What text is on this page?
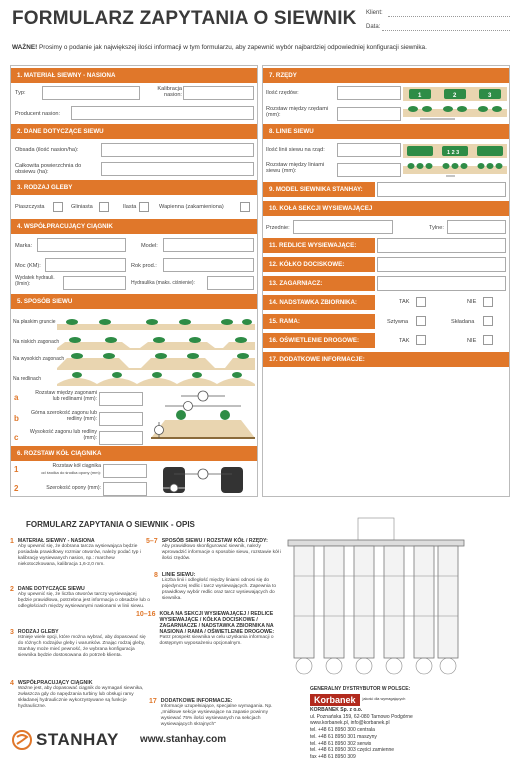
FORMULARZ ZAPYTANIA O SIEWNIK Klient:
Data:
WAŻNE! Prosimy o podanie jak największej ilości informacji w tym formularzu, aby zapewnić wybór najbardziej odpowiedniej konfiguracji siewnika.
1. MATERIAŁ SIEWNY - NASIONA
Typ:
Kalibracja nasion:
Producent nasion:
2. DANE DOTYCZĄCE SIEWU
Obsada (ilość nasion/ha):
Całkowita powierzchnia do obsiewu (ha):
3. RODZAJ GLEBY
Piaszczysta	Gliniasta	Ilasta	Wapienna (zakamieniona)
4. WSPÓŁPRACUJĄCY CIĄGNIK
Marka:	Model:
Moc (KM):	Rok prod.:
Wydatek hydrauli. (l/min):	Hydraulika (maks. ciśnienie):
5. SPOSÓB SIEWU
Na płaskim gruncie
Na niskich zagonach
Na wysokich zagonach
Na redlinach
a	Rozstaw między zagonami lub redlinami (mm):
b
Górna szerokość zagonu lub redliny (mm):
c
Wysokość zagonu lub redliny (mm):
6. ROZSTAW KÓŁ CIĄGNIKA
1	Rozstaw kół ciągnika
od środka do środka opony (mm):
2	Szerokość opony (mm):
7. RZĘDY
Ilość rzędów:
Rozstaw między rzędami (mm):
1	2	3
8. LINIE SIEWU
Ilość linii siewu na rząd:
Rozstaw między liniami siewu (mm):
1 2 3
9. MODEL SIEWNIKA STANHAY:
10. KOŁA SEKCJI WYSIEWAJĄCEJ
Przednie:	Tylne:
11. REDLICE WYSIEWAJĄCE:
12. KÓŁKO DOCISKOWE:
13. ZAGARNIACZ:
14. NADSTAWKA ZBIORNIKA:	TAK	NIE
15. RAMA:	Sztywna	Składana
16. OŚWIETLENIE DROGOWE:	TAK	NIE
17. DODATKOWE INFORMACJE:
FORMULARZ ZAPYTANIA O SIEWNIK - OPIS
1 MATERIAŁ SIEWNY - NASIONA
Aby upewnić się, że dobrana tarcza wysiewająca będzie posiadała prawidłowy rozmiar otworów, należy podać typ i kalibrację wysiewanych nasion, np.: marchew niekotoczkowana, kalibracja 1,6-2,0 mm.
2 DANE DOTYCZĄCE SIEWU
Aby upewnić się, że liczba otworów tarczy wysiewającej będzie prawidłowa, potrzebna jest informacja o obsadzie lub o odległościach między wysiewanymi nasionami w linii siewu.
3 RODZAJ GLEBY
Istnieje wiele opcji, które można wybrać, aby dopasować się do różnych rodzajów gleby i warunków. Znając rodzaj gleby, Stanhay może mieć pewność, że wybrana konfiguracja siewnika będzie dostosowana do potrzeb klienta.
4 WSPÓŁPRACUJĄCY CIĄGNIK
Ważne jest, aby dopasować ciągnik do wymagań siewnika, zwłaszcza gdy do napędzania turbiny lub obsługi ramy składanej hydraulicznie wykorzystywane są funkcje hydrauliczne.
5–7 SPOSÓB SIEWU / ROZSTAW KÓŁ / RZĘDY:
Aby prawidłowo skonfigurować siewnik, należy wprowadzić informacje o sposobie siewu, rozstawie kół i ilości rzędów.
8 LINIE SIEWU:
Liczba linii i odległość między liniami odnosi się do pojedynczej redlic i tarcz wysiewających. Zapewnia to prawidłowy wybór redlic oraz tarcz wysiewających do siewnika.
10–16 KOŁA NA SEKCJI WYSIEWAJĄCEJ / REDLICE WYSIEWAJĄCE / KÓŁKA DOCISKOWE / ZAGARNIACZE / NADSTAWKA ZBIORNIKA NA NASIONA / RAMA / OŚWIETLENIE DROGOWE:
Patrz prospekt siewnika w celu uzyskania informacji o dostępnym wyposażeniu opcjonalnym.
17 DODATKOWE INFORMACJE:
Informacje uzupełniające, specjalne wymagania. Np. „Imidłowe sekcje wysiewające na zapasie powinny wysiewać 75% ilości wysiewanych na sekcjach wysiewających skrajnych"
GENERALNY DYSTRYBUTOR W POLSCE:
Korbanek	jakość dla wymagających
KORBANEK Sp. z o.o.
ul. Poznańska 159, 62-080 Tarnowo Podgórne
www.korbanek.pl, info@korbanek.pl
tel. +48 61 8950 300 centrala
tel. +48 61 8950 301 maszyny
tel. +48 61 8950 302 serwis
tel. +48 61 8950 303 części zamienne
fax +48 61 8950 309
STANHAY www.stanhay.com
